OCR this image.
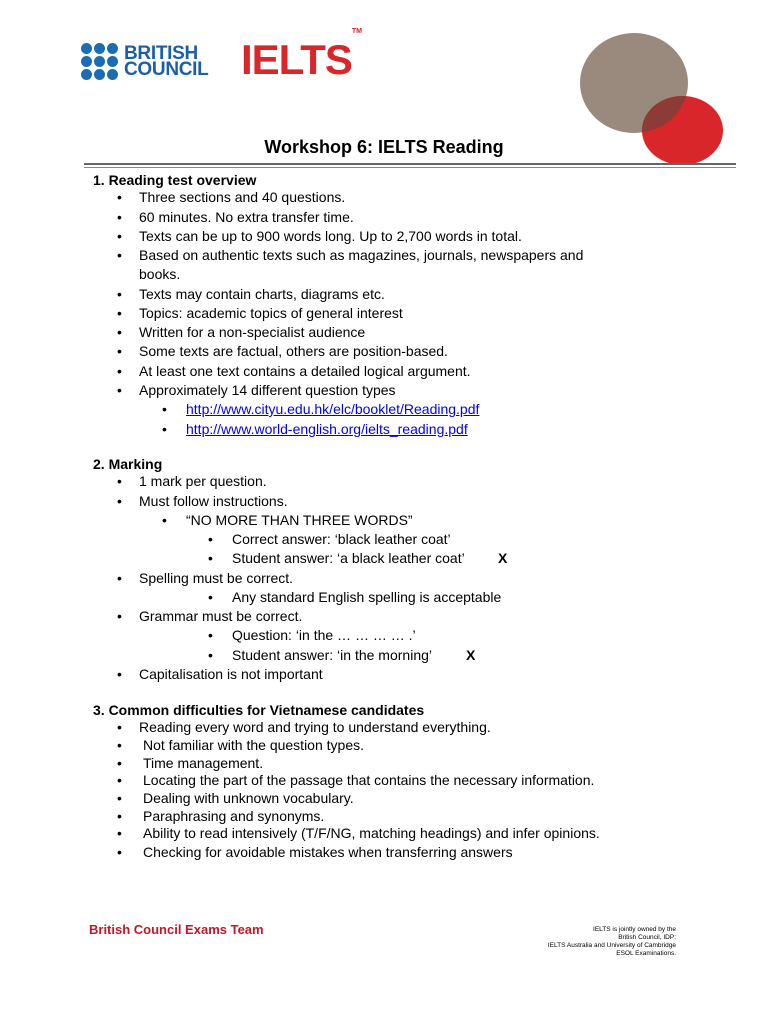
BRITISH
COUNCIL IELTS™
Workshop 6: IELTS Reading
1. Reading test overview
• Three sections and 40 questions.
• 60 minutes. No extra transfer time.
• Texts can be up to 900 words long. Up to 2,700 words in total.
• Based on authentic texts such as magazines, journals, newspapers and
books.
• Texts may contain charts, diagrams etc.
• Topics: academic topics of general interest
• Written for a non-specialist audience
• Some texts are factual, others are position-based.
• At least one text contains a detailed logical argument.
• Approximately 14 different question types
• http://www.cityu.edu.hk/elc/booklet/Reading.pdf
• http://www.world-english.org/ielts_reading.pdf
2. Marking
• 1 mark per question.
• Must follow instructions.
• “NO MORE THAN THREE WORDS”
• Correct answer: ‘black leather coat’
• Student answer: ‘a black leather coat’ X
• Spelling must be correct.
• Any standard English spelling is acceptable
• Grammar must be correct.
• Question: ‘in the … … … … .’
• Student answer: ‘in the morning’ X
• Capitalisation is not important
3. Common difficulties for Vietnamese candidates
• Reading every word and trying to understand everything.
• Not familiar with the question types.
• Time management.
• Locating the part of the passage that contains the necessary information.
• Dealing with unknown vocabulary.
• Paraphrasing and synonyms.
• Ability to read intensively (T/F/NG, matching headings) and infer opinions.
• Checking for avoidable mistakes when transferring answers
British Council Exams Team	IELTS is jointly owned by the
British Council, IDP:
IELTS Australia and University of Cambridge
ESOL Examinations.
